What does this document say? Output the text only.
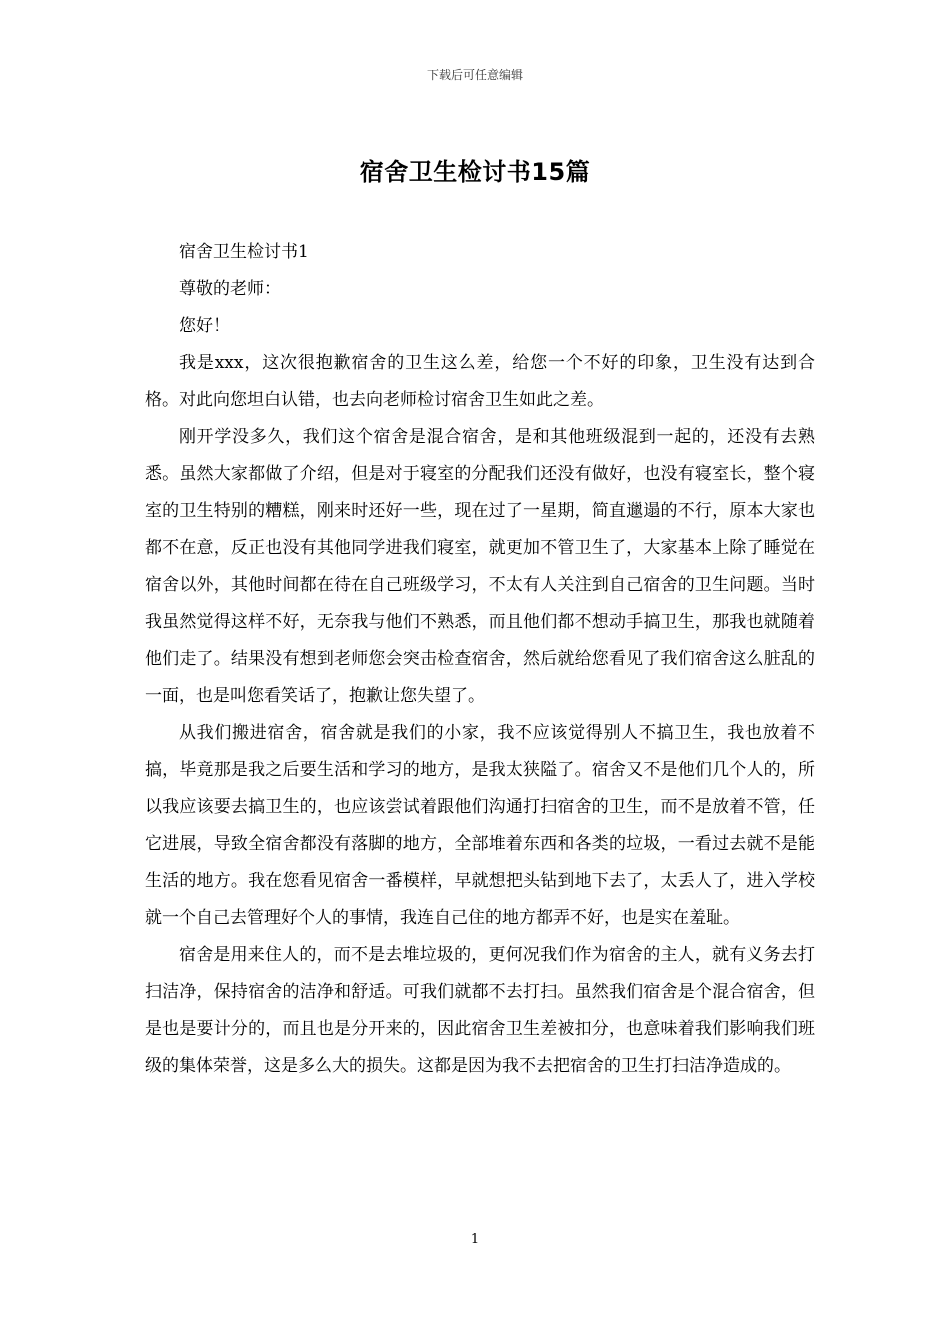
下载后可任意编辑
宿舍卫生检讨书15篇

宿舍卫生检讨书1

尊敬的老师：

您好！

我是xxx，这次很抱歉宿舍的卫生这么差，给您一个不好的印象，卫生没有达到合格。对此向您坦白认错，也去向老师检讨宿舍卫生如此之差。

刚开学没多久，我们这个宿舍是混合宿舍，是和其他班级混到一起的，还没有去熟悉。虽然大家都做了介绍，但是对于寝室的分配我们还没有做好，也没有寝室长，整个寝室的卫生特别的糟糕，刚来时还好一些，现在过了一星期，简直邋遢的不行，原本大家也都不在意，反正也没有其他同学进我们寝室，就更加不管卫生了，大家基本上除了睡觉在宿舍以外，其他时间都在待在自己班级学习，不太有人关注到自己宿舍的卫生问题。当时我虽然觉得这样不好，无奈我与他们不熟悉，而且他们都不想动手搞卫生，那我也就随着他们走了。结果没有想到老师您会突击检查宿舍，然后就给您看见了我们宿舍这么脏乱的一面，也是叫您看笑话了，抱歉让您失望了。

从我们搬进宿舍，宿舍就是我们的小家，我不应该觉得别人不搞卫生，我也放着不搞，毕竟那是我之后要生活和学习的地方，是我太狭隘了。宿舍又不是他们几个人的，所以我应该要去搞卫生的，也应该尝试着跟他们沟通打扫宿舍的卫生，而不是放着不管，任它进展，导致全宿舍都没有落脚的地方，全部堆着东西和各类的垃圾，一看过去就不是能生活的地方。我在您看见宿舍一番模样，早就想把头钻到地下去了，太丢人了，进入学校就一个自己去管理好个人的事情，我连自己住的地方都弄不好，也是实在羞耻。

宿舍是用来住人的，而不是去堆垃圾的，更何况我们作为宿舍的主人，就有义务去打扫洁净，保持宿舍的洁净和舒适。可我们就都不去打扫。虽然我们宿舍是个混合宿舍，但是也是要计分的，而且也是分开来的，因此宿舍卫生差被扣分，也意味着我们影响我们班级的集体荣誉，这是多么大的损失。这都是因为我不去把宿舍的卫生打扫洁净造成的。

1
